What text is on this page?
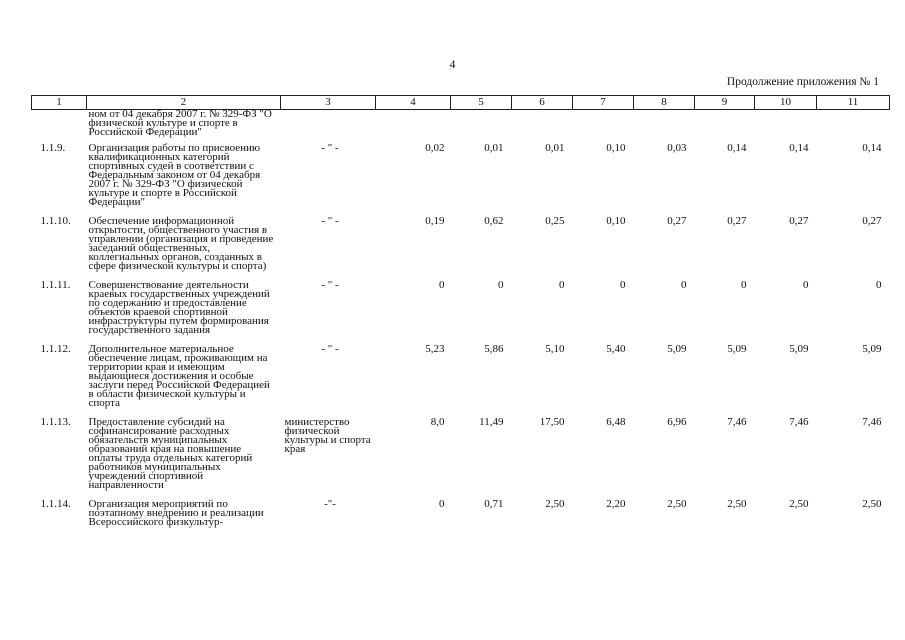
4
Продолжение приложения № 1
1	2	3	4	5	6	7	8	9	10	11
	ном от 04 декабря 2007 г. № 329-ФЗ "О физической культуре и спорте в Российской Федерации"									
1.1.9.	Организация работы по присвоению квалификационных категорий спортивных судей в соответствии с Федеральным законом от 04 декабря 2007 г. № 329-ФЗ "О физической культуре и спорте в Российской Федерации"	- " -	0,02	0,01	0,01	0,10	0,03	0,14	0,14	0,14
1.1.10.	Обеспечение информационной открытости, общественного участия в управлении (организация и проведение заседаний общественных, коллегиальных органов, созданных в сфере физической культуры и спорта)	- " -	0,19	0,62	0,25	0,10	0,27	0,27	0,27	0,27
1.1.11.	Совершенствование деятельности краевых государственных учреждений по содержанию и предоставление объектов краевой спортивной инфраструктуры путем формирования государственного задания	- " -	0	0	0	0	0	0	0	0
1.1.12.	Дополнительное материальное обеспечение лицам, проживающим на территории края и имеющим выдающиеся достижения и особые заслуги перед Российской Федерацией в области физической культуры и спорта	- " -	5,23	5,86	5,10	5,40	5,09	5,09	5,09	5,09
1.1.13.	Предоставление субсидий на софинансирование расходных обязательств муниципальных образований края на повышение оплаты труда отдельных категорий работников муниципальных учреждений спортивной направленности	министерство физической культуры и спорта края	8,0	11,49	17,50	6,48	6,96	7,46	7,46	7,46
1.1.14.	Организация мероприятий по поэтапному внедрению и реализации Всероссийского физкультур-	-"-	0	0,71	2,50	2,20	2,50	2,50	2,50	2,50
